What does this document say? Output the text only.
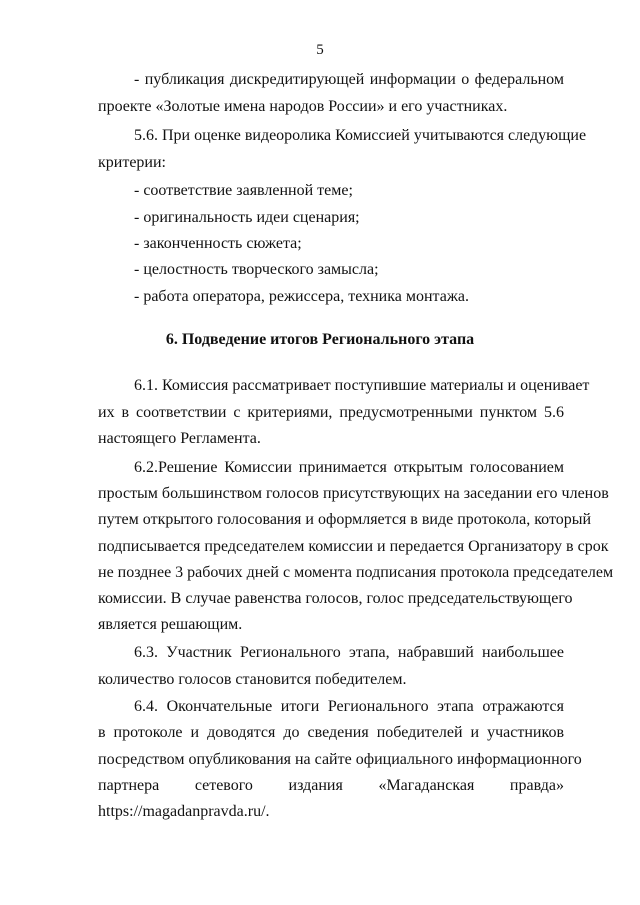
5
- публикация дискредитирующей информации о федеральном
проекте «Золотые имена народов России» и его участниках.
5.6. При оценке видеоролика Комиссией учитываются следующие
критерии:
- соответствие заявленной теме;
- оригинальность идеи сценария;
- законченность сюжета;
- целостность творческого замысла;
- работа оператора, режиссера, техника монтажа.
6. Подведение итогов Регионального этапа
6.1. Комиссия рассматривает поступившие материалы и оценивает
их в соответствии с критериями, предусмотренными пунктом 5.6
настоящего Регламента.
6.2.Решение Комиссии принимается открытым голосованием
простым большинством голосов присутствующих на заседании его членов
путем открытого голосования и оформляется в виде протокола, который
подписывается председателем комиссии и передается Организатору в срок
не позднее 3 рабочих дней с момента подписания протокола председателем
комиссии. В случае равенства голосов, голос председательствующего
является решающим.
6.3. Участник Регионального этапа, набравший наибольшее
количество голосов становится победителем.
6.4. Окончательные итоги Регионального этапа отражаются
в протоколе и доводятся до сведения победителей и участников
посредством опубликования на сайте официального информационного
партнера сетевого издания «Магаданская правда»
https://magadanpravda.ru/.
